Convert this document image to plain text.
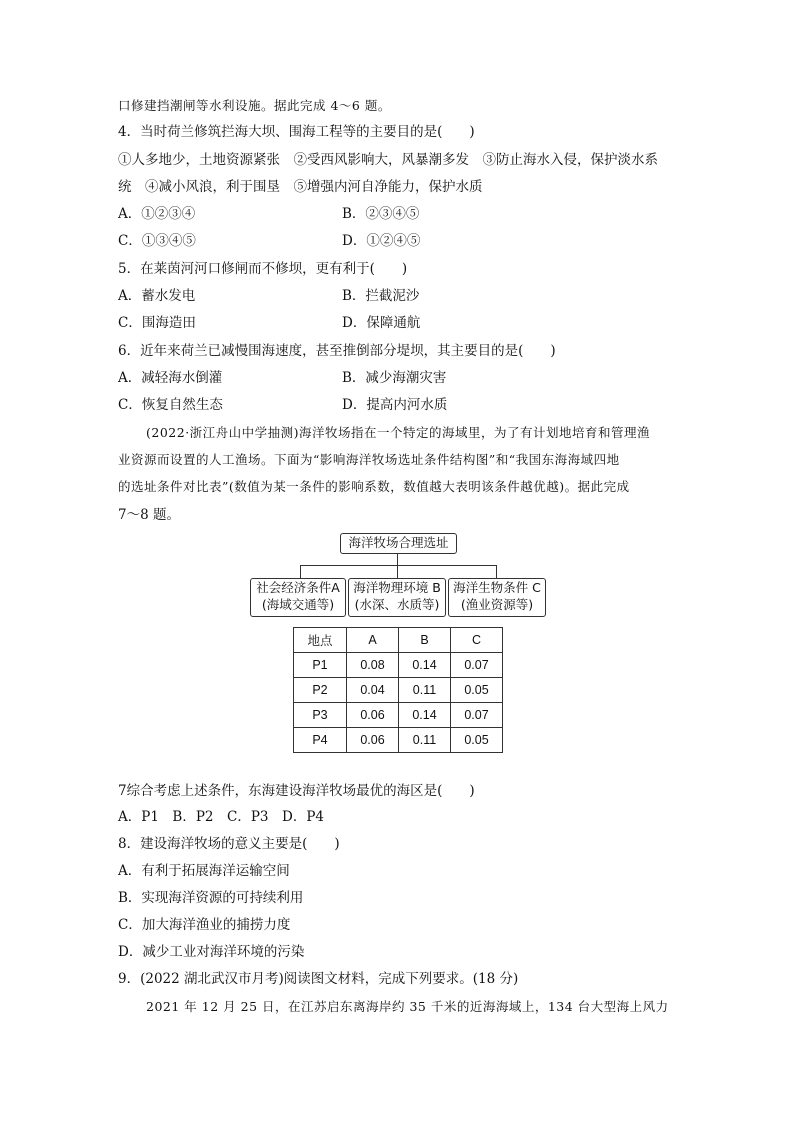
口修建挡潮闸等水利设施。据此完成 4～6 题。
4．当时荷兰修筑拦海大坝、围海工程等的主要目的是(　　)
①人多地少，土地资源紧张　②受西风影响大，风暴潮多发　③防止海水入侵，保护淡水系
统　④减小风浪，利于围垦　⑤增强内河自净能力，保护水质
A．①②③④	B．②③④⑤
C．①③④⑤	D．①②④⑤
5．在莱茵河河口修闸而不修坝，更有利于(　　)
A．蓄水发电	B．拦截泥沙
C．围海造田	D．保障通航
6．近年来荷兰已减慢围海速度，甚至推倒部分堤坝，其主要目的是(　　)
A．减轻海水倒灌	B．减少海潮灾害
C．恢复自然生态	D．提高内河水质
(2022·浙江舟山中学抽测)海洋牧场指在一个特定的海域里，为了有计划地培育和管理渔
业资源而设置的人工渔场。下面为“影响海洋牧场选址条件结构图”和“我国东海海域四地
的选址条件对比表”(数值为某一条件的影响系数，数值越大表明该条件越优越)。据此完成
7～8 题。
海洋牧场合理选址
社会经济条件A
(海域交通等)
海洋物理环境 B
(水深、水质等)
海洋生物条件 C
(渔业资源等)
地点	A	B	C
P1	0.08	0.14	0.07
P2	0.04	0.11	0.05
P3	0.06	0.14	0.07
P4	0.06	0.11	0.05
7综合考虑上述条件，东海建设海洋牧场最优的海区是(　　)
A．P1　B．P2　C．P3　D．P4
8．建设海洋牧场的意义主要是(　　)
A．有利于拓展海洋运输空间
B．实现海洋资源的可持续利用
C．加大海洋渔业的捕捞力度
D．减少工业对海洋环境的污染
9．(2022 湖北武汉市月考)阅读图文材料，完成下列要求。(18 分)
2021 年 12 月 25 日，在江苏启东离海岸约 35 千米的近海海域上，134 台大型海上风力
